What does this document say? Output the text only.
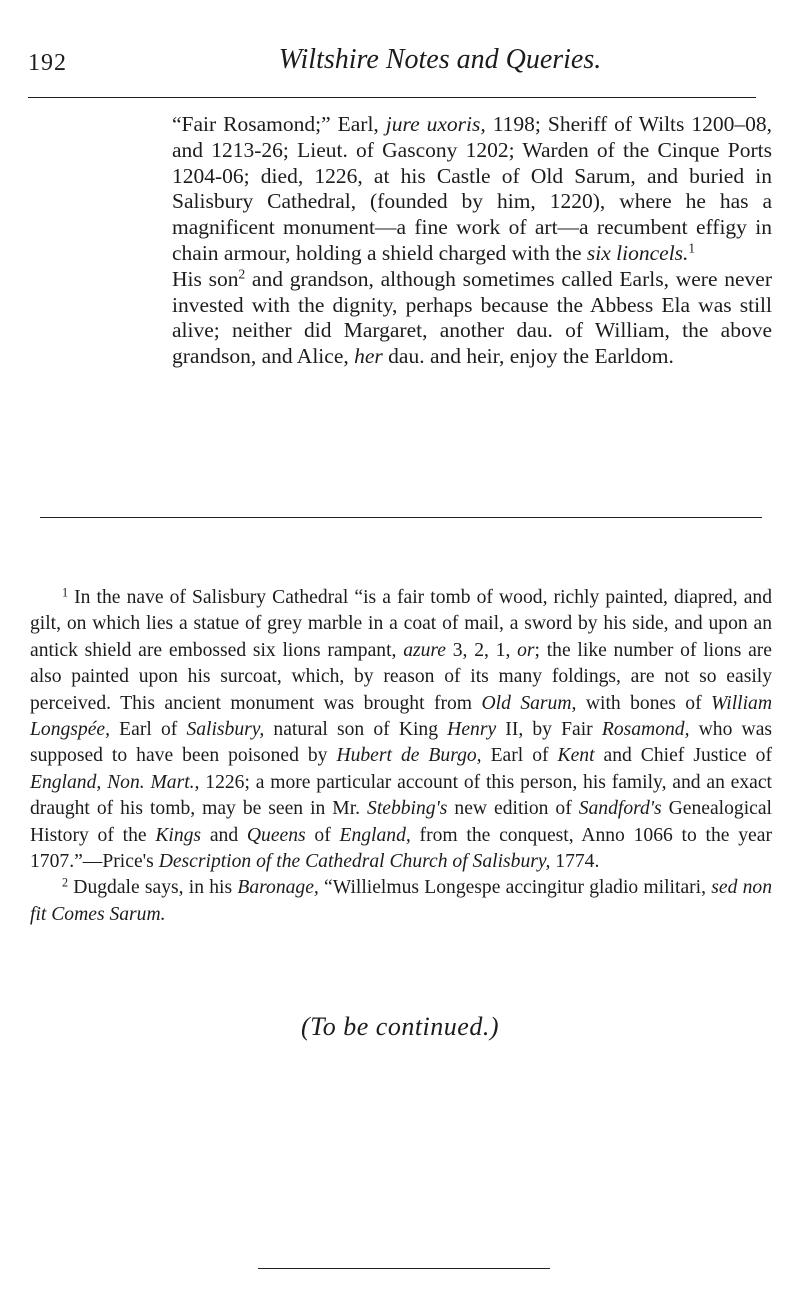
192	Wiltshire Notes and Queries.

“Fair Rosamond;” Earl, jure uxoris, 1198; Sheriff of Wilts 1200–08, and 1213-26; Lieut. of Gascony 1202; Warden of the Cinque Ports 1204-06; died, 1226, at his Castle of Old Sarum, and buried in Salisbury Cathedral, (founded by him, 1220), where he has a magnificent monument—a fine work of art—a recumbent effigy in chain armour, holding a shield charged with the six lioncels.$^1$

His son$^2$ and grandson, although sometimes called Earls, were never invested with the dignity, perhaps because the Abbess Ela was still alive; neither did Margaret, another dau. of William, the above grandson, and Alice, her dau. and heir, enjoy the Earldom.

$^1$ In the nave of Salisbury Cathedral “is a fair tomb of wood, richly painted, diapred, and gilt, on which lies a statue of grey marble in a coat of mail, a sword by his side, and upon an antick shield are embossed six lions rampant, azure 3, 2, 1, or; the like number of lions are also painted upon his surcoat, which, by reason of its many foldings, are not so easily perceived. This ancient monument was brought from Old Sarum, with bones of William Longspée, Earl of Salisbury, natural son of King Henry II, by Fair Rosamond, who was supposed to have been poisoned by Hubert de Burgo, Earl of Kent and Chief Justice of England, Non. Mart., 1226; a more particular account of this person, his family, and an exact draught of his tomb, may be seen in Mr. Stebbing's new edition of Sandford's Genealogical History of the Kings and Queens of England, from the conquest, Anno 1066 to the year 1707.”—Price's Description of the Cathedral Church of Salisbury, 1774.

$^2$ Dugdale says, in his Baronage, “Willielmus Longespe accingitur gladio militari, sed non fit Comes Sarum.

(To be continued.)
